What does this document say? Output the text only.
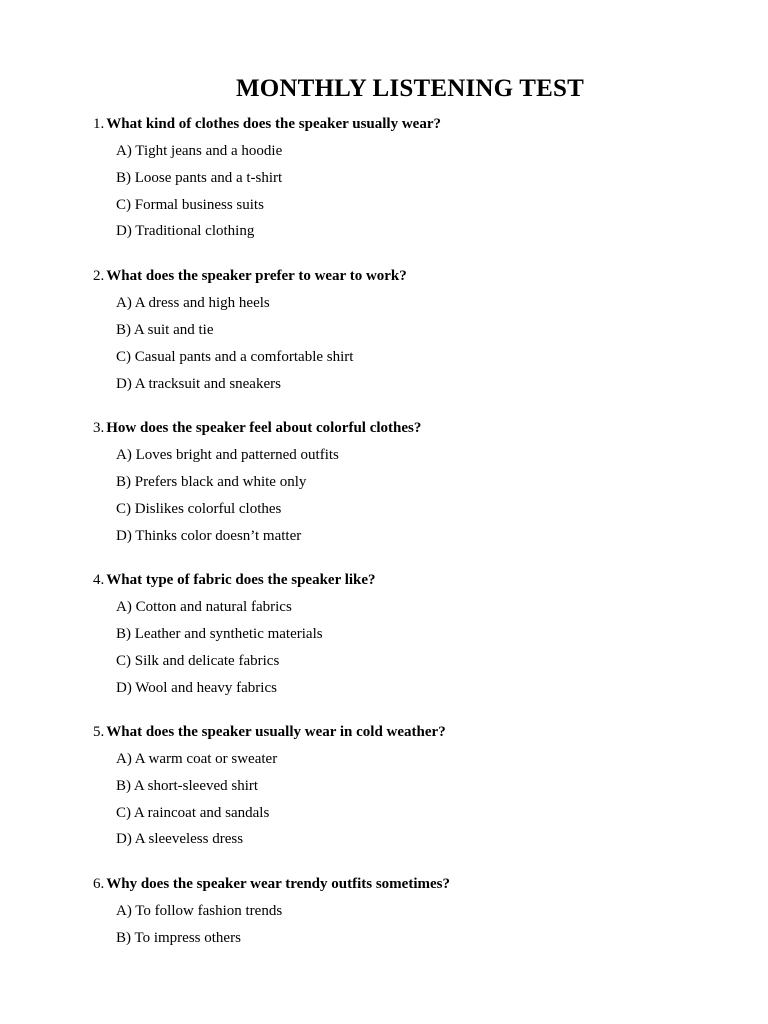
MONTHLY LISTENING TEST
1. What kind of clothes does the speaker usually wear?
A) Tight jeans and a hoodie
B) Loose pants and a t-shirt
C) Formal business suits
D) Traditional clothing
2. What does the speaker prefer to wear to work?
A) A dress and high heels
B) A suit and tie
C) Casual pants and a comfortable shirt
D) A tracksuit and sneakers
3. How does the speaker feel about colorful clothes?
A) Loves bright and patterned outfits
B) Prefers black and white only
C) Dislikes colorful clothes
D) Thinks color doesn’t matter
4. What type of fabric does the speaker like?
A) Cotton and natural fabrics
B) Leather and synthetic materials
C) Silk and delicate fabrics
D) Wool and heavy fabrics
5. What does the speaker usually wear in cold weather?
A) A warm coat or sweater
B) A short-sleeved shirt
C) A raincoat and sandals
D) A sleeveless dress
6. Why does the speaker wear trendy outfits sometimes?
A) To follow fashion trends
B) To impress others
